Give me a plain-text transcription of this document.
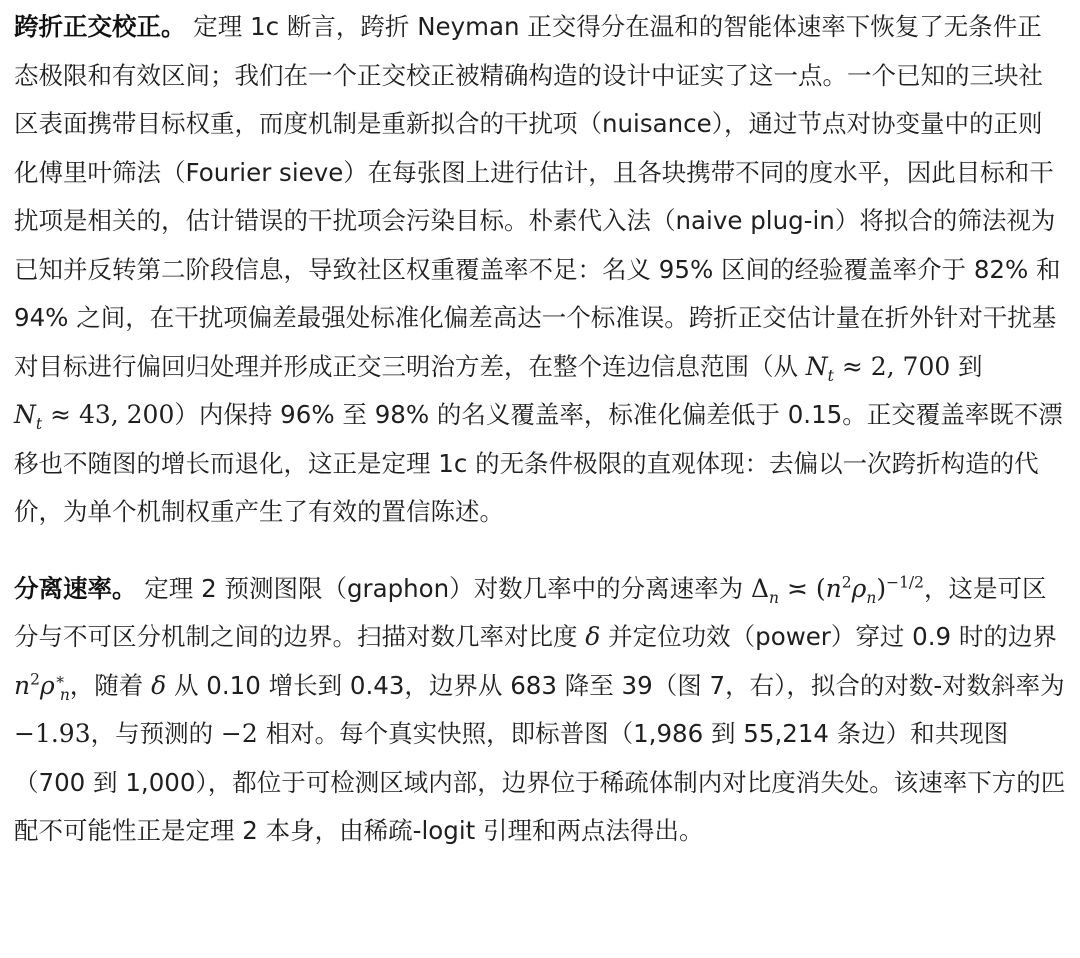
跨折正交校正。 定理 1c 断言，跨折 Neyman 正交得分在温和的智能体速率下恢复了无条件正态极限和有效区间；我们在一个正交校正被精确构造的设计中证实了这一点。一个已知的三块社区表面携带目标权重，而度机制是重新拟合的干扰项（nuisance），通过节点对协变量中的正则化傅里叶筛法（Fourier sieve）在每张图上进行估计，且各块携带不同的度水平，因此目标和干扰项是相关的，估计错误的干扰项会污染目标。朴素代入法（naive plug-in）将拟合的筛法视为已知并反转第二阶段信息，导致社区权重覆盖率不足：名义 95% 区间的经验覆盖率介于 82% 和 94% 之间，在干扰项偏差最强处标准化偏差高达一个标准误。跨折正交估计量在折外针对干扰基对目标进行偏回归处理并形成正交三明治方差，在整个连边信息范围（从 $N_t \approx 2$, 700 到 $N_t \approx 43$, 200）内保持 96% 至 98% 的名义覆盖率，标准化偏差低于 0.15。正交覆盖率既不漂移也不随图的增长而退化，这正是定理 1c 的无条件极限的直观体现：去偏以一次跨折构造的代价，为单个机制权重产生了有效的置信陈述。

分离速率。 定理 2 预测图限（graphon）对数几率中的分离速率为 $\Delta_n$ ≍ $(n^2\rho_n)^{-1/2}$，这是可区分与不可区分机制之间的边界。扫描对数几率对比度 δ 并定位功效（power）穿过 0.9 时的边界 $n^2\rho^∗_n$，随着 δ 从 0.10 增长到 0.43，边界从 683 降至 39（图 7，右），拟合的对数-对数斜率为 −1.93，与预测的 −2 相对。每个真实快照，即标普图（1,986 到 55,214 条边）和共现图（700 到 1,000），都位于可检测区域内部，边界位于稀疏体制内对比度消失处。该速率下方的匹配不可能性正是定理 2 本身，由稀疏-logit 引理和两点法得出。
